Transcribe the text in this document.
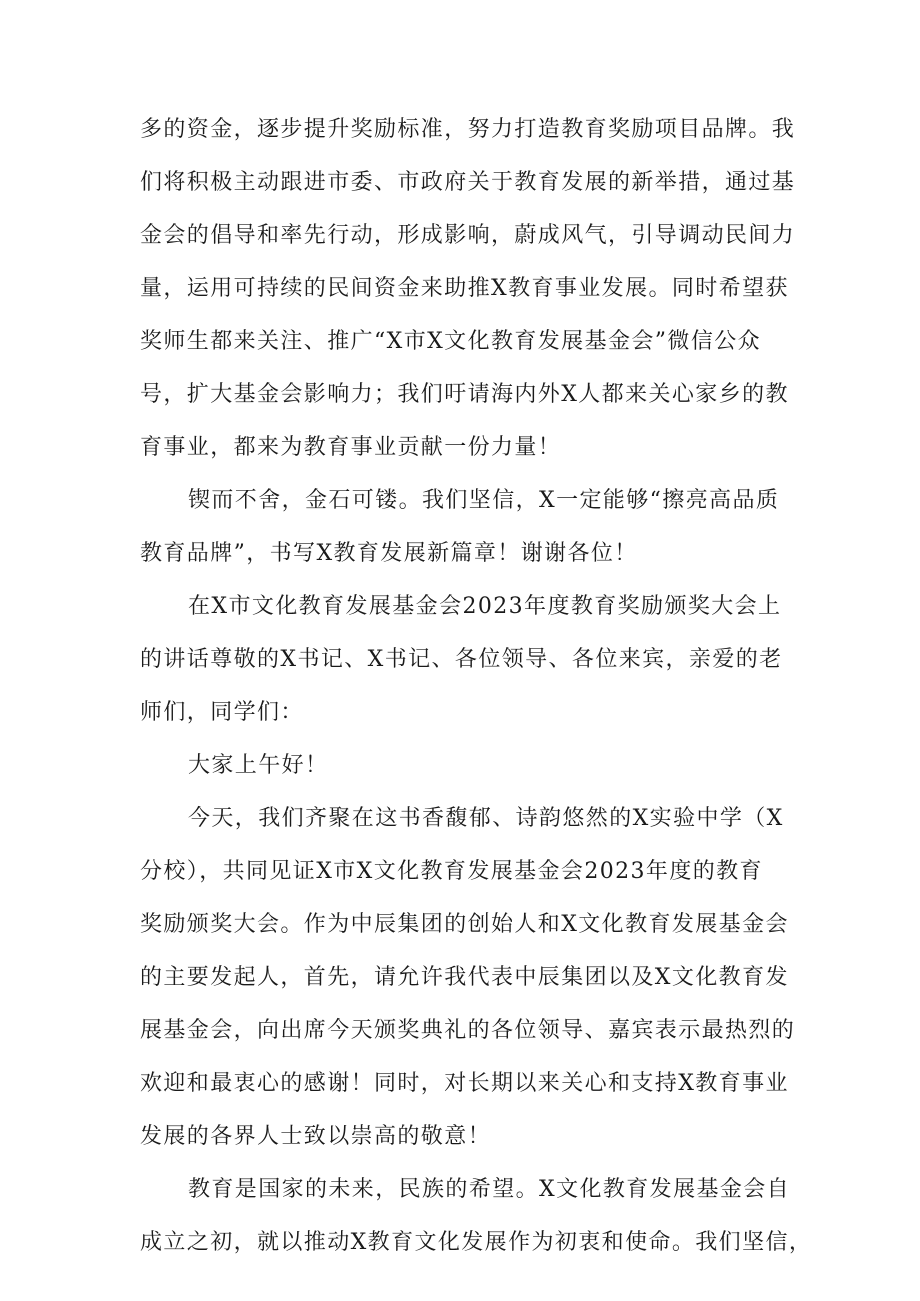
多的资金，逐步提升奖励标准，努力打造教育奖励项目品牌。我
们将积极主动跟进市委、市政府关于教育发展的新举措，通过基
金会的倡导和率先行动，形成影响，蔚成风气，引导调动民间力
量，运用可持续的民间资金来助推X教育事业发展。同时希望获
奖师生都来关注、推广“X市X文化教育发展基金会”微信公众
号，扩大基金会影响力；我们吁请海内外X人都来关心家乡的教
育事业，都来为教育事业贡献一份力量！
锲而不舍，金石可镂。我们坚信，X一定能够“擦亮高品质
教育品牌”，书写X教育发展新篇章！谢谢各位！
在X市文化教育发展基金会2023年度教育奖励颁奖大会上
的讲话尊敬的X书记、X书记、各位领导、各位来宾，亲爱的老
师们，同学们：
大家上午好！
今天，我们齐聚在这书香馥郁、诗韵悠然的X实验中学（X
分校），共同见证X市X文化教育发展基金会2023年度的教育
奖励颁奖大会。作为中辰集团的创始人和X文化教育发展基金会
的主要发起人，首先，请允许我代表中辰集团以及X文化教育发
展基金会，向出席今天颁奖典礼的各位领导、嘉宾表示最热烈的
欢迎和最衷心的感谢！同时，对长期以来关心和支持X教育事业
发展的各界人士致以崇高的敬意！
教育是国家的未来，民族的希望。X文化教育发展基金会自
成立之初，就以推动X教育文化发展作为初衷和使命。我们坚信，
